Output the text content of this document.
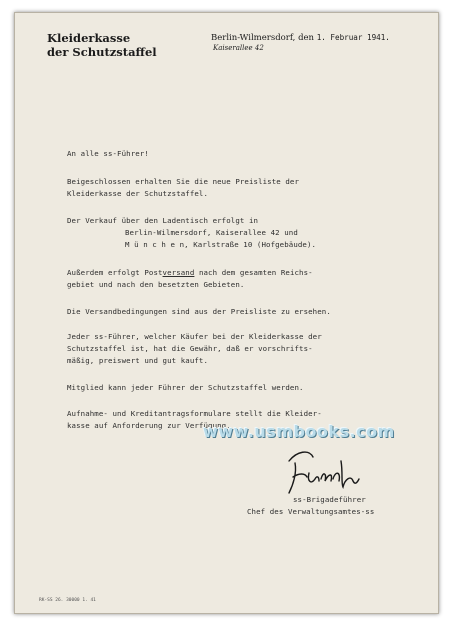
Kleiderkasse
der Schutzstaffel
Berlin-Wilmersdorf, den 1. Februar 1941.
Kaiserallee 42
An alle ss-Führer!
Beigeschlossen erhalten Sie die neue Preisliste der
Kleiderkasse der Schutzstaffel.
Der Verkauf über den Ladentisch erfolgt in
Berlin-Wilmersdorf, Kaiserallee 42 und
M ü n c h e n, Karlstraße 10 (Hofgebäude).
Außerdem erfolgt Postversand nach dem gesamten Reichs-
gebiet und nach den besetzten Gebieten.
Die Versandbedingungen sind aus der Preisliste zu ersehen.
Jeder ss-Führer, welcher Käufer bei der Kleiderkasse der
Schutzstaffel ist, hat die Gewähr, daß er vorschrifts-
mäßig, preiswert und gut kauft.
Mitglied kann jeder Führer der Schutzstaffel werden.
Aufnahme- und Kreditantragsformulare stellt die Kleider-
kasse auf Anforderung zur Verfügung.
www.usmbooks.com
ss-Brigadeführer
Chef des Verwaltungsamtes-ss
RK-SS 26. 30000 1. 41
